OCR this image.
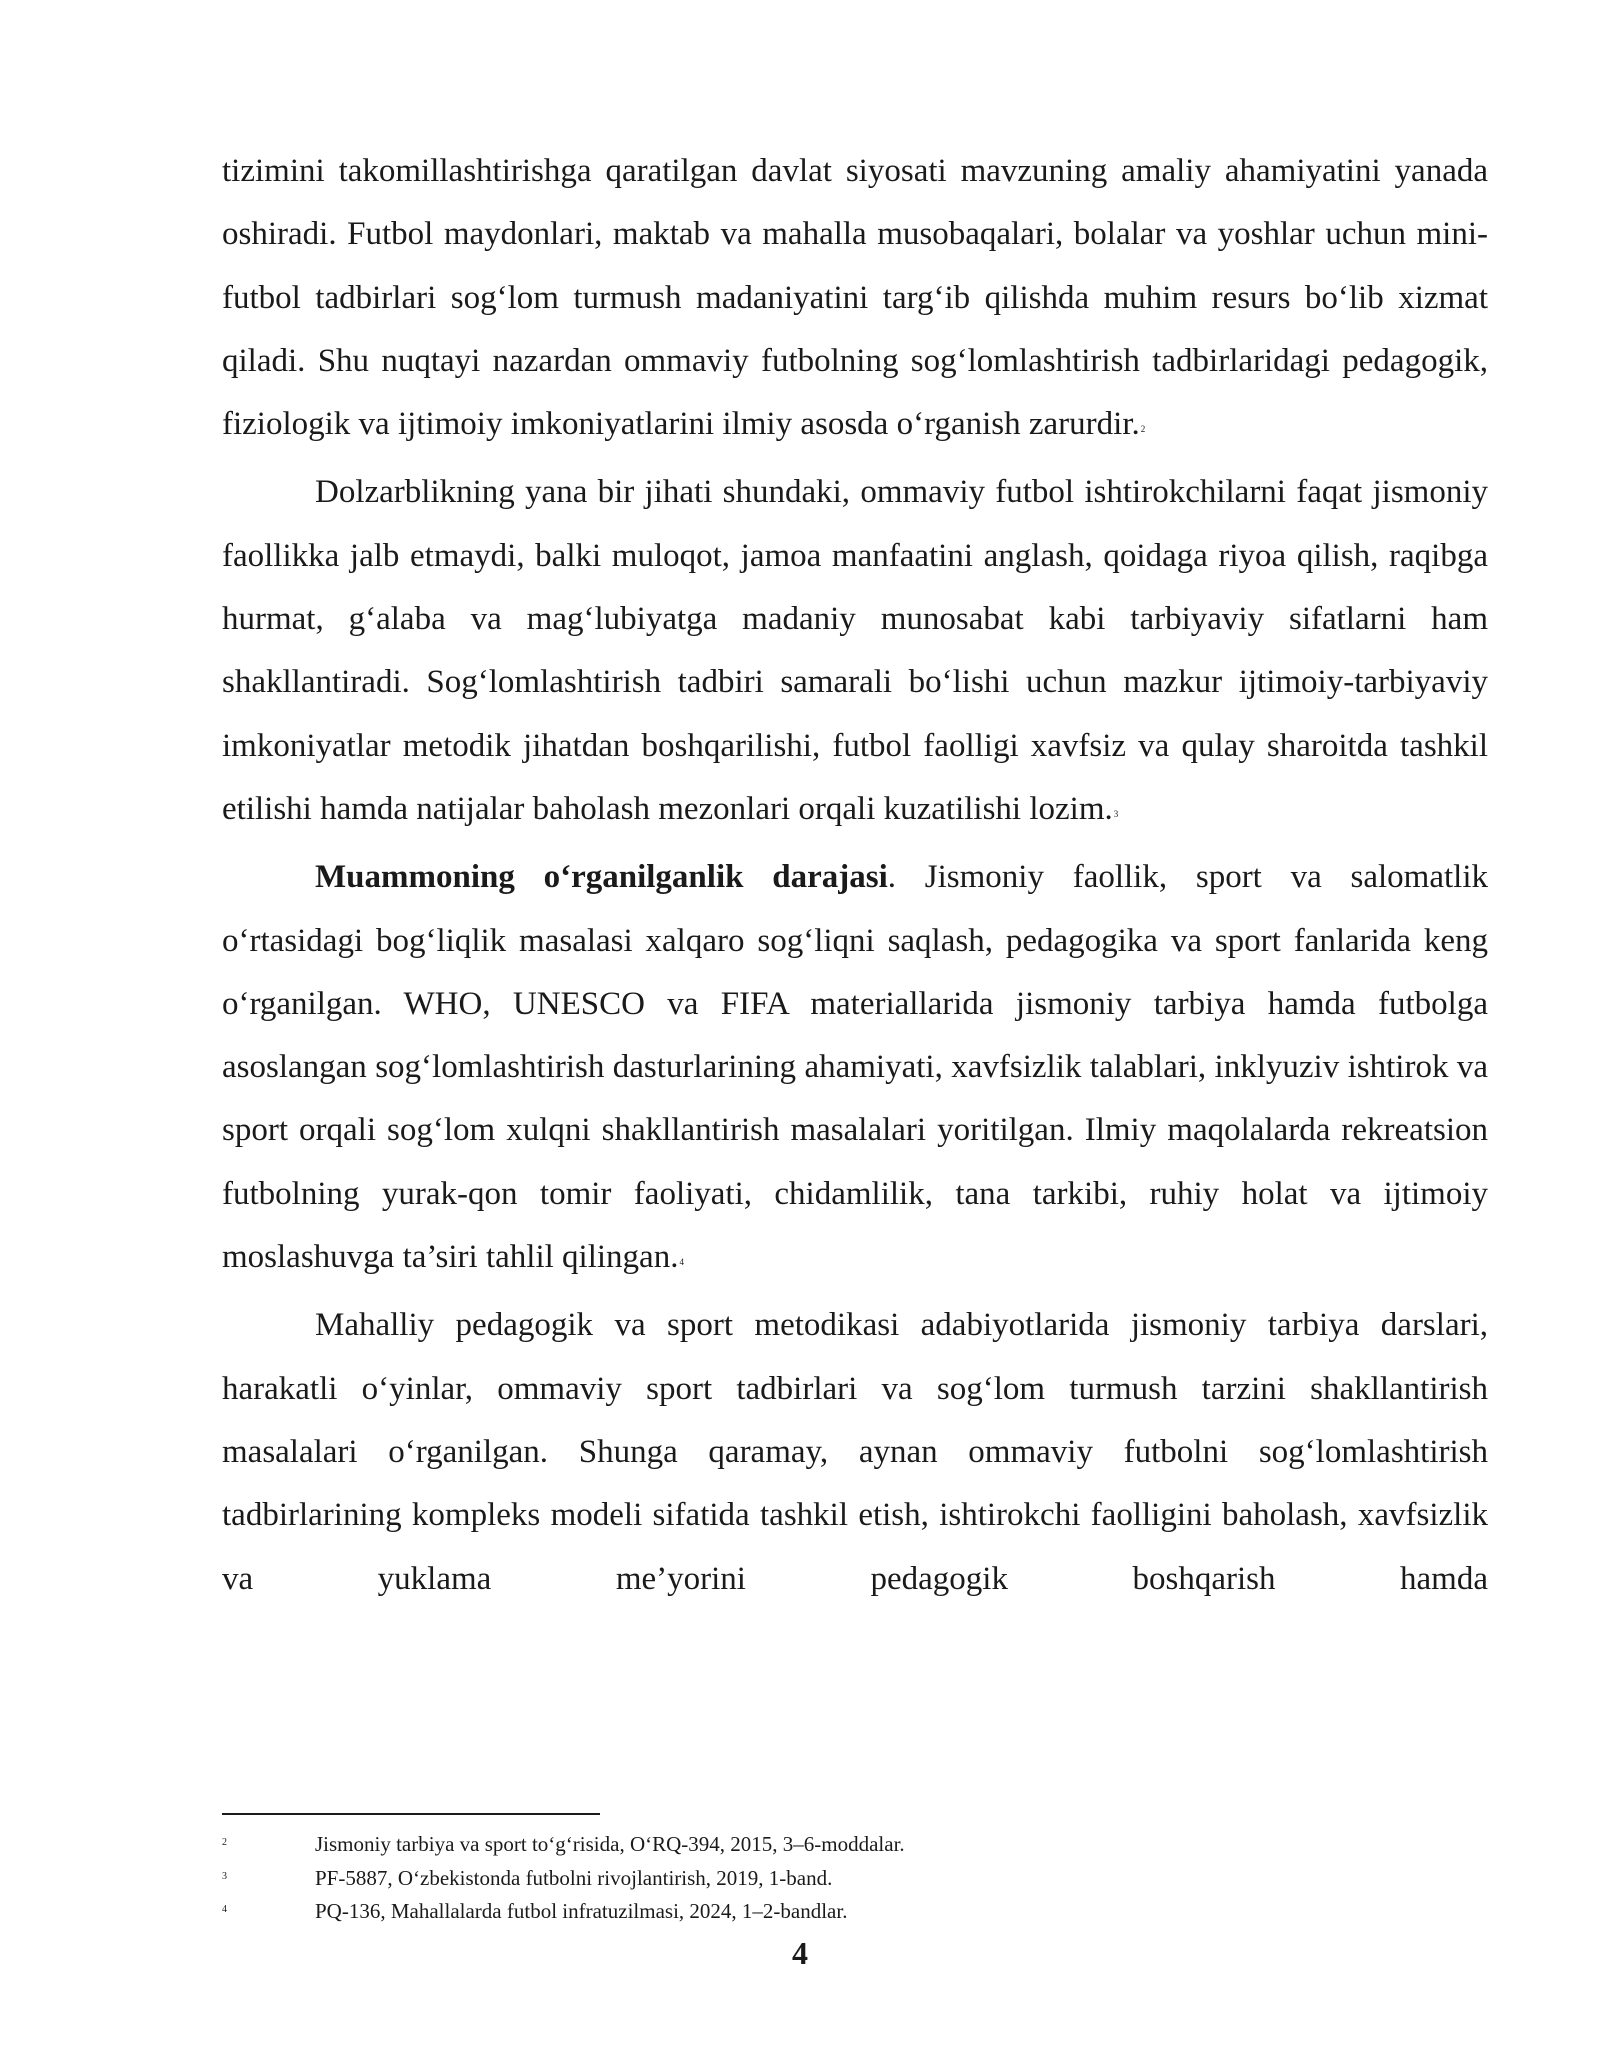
tizimini takomillashtirishga qaratilgan davlat siyosati mavzuning amaliy ahamiyatini yanada oshiradi. Futbol maydonlari, maktab va mahalla musobaqalari, bolalar va yoshlar uchun mini-futbol tadbirlari sog‘lom turmush madaniyatini targ‘ib qilishda muhim resurs bo‘lib xizmat qiladi. Shu nuqtayi nazardan ommaviy futbolning sog‘lomlashtirish tadbirlaridagi pedagogik, fiziologik va ijtimoiy imkoniyatlarini ilmiy asosda o‘rganish zarurdir.$^2$

Dolzarblikning yana bir jihati shundaki, ommaviy futbol ishtirokchilarni faqat jismoniy faollikka jalb etmaydi, balki muloqot, jamoa manfaatini anglash, qoidaga riyoa qilish, raqibga hurmat, g‘alaba va mag‘lubiyatga madaniy munosabat kabi tarbiyaviy sifatlarni ham shakllantiradi. Sog‘lomlashtirish tadbiri samarali bo‘lishi uchun mazkur ijtimoiy-tarbiyaviy imkoniyatlar metodik jihatdan boshqarilishi, futbol faolligi xavfsiz va qulay sharoitda tashkil etilishi hamda natijalar baholash mezonlari orqali kuzatilishi lozim.$^3$

Muammoning o‘rganilganlik darajasi. Jismoniy faollik, sport va salomatlik o‘rtasidagi bog‘liqlik masalasi xalqaro sog‘liqni saqlash, pedagogika va sport fanlarida keng o‘rganilgan. WHO, UNESCO va FIFA materiallarida jismoniy tarbiya hamda futbolga asoslangan sog‘lomlashtirish dasturlarining ahamiyati, xavfsizlik talablari, inklyuziv ishtirok va sport orqali sog‘lom xulqni shakllantirish masalalari yoritilgan. Ilmiy maqolalarda rekreatsion futbolning yurak-qon tomir faoliyati, chidamlilik, tana tarkibi, ruhiy holat va ijtimoiy moslashuvga ta’siri tahlil qilingan.$^4$

Mahalliy pedagogik va sport metodikasi adabiyotlarida jismoniy tarbiya darslari, harakatli o‘yinlar, ommaviy sport tadbirlari va sog‘lom turmush tarzini shakllantirish masalalari o‘rganilgan. Shunga qaramay, aynan ommaviy futbolni sog‘lomlashtirish tadbirlarining kompleks modeli sifatida tashkil etish, ishtirokchi faolligini baholash, xavfsizlik va yuklama me’yorini pedagogik boshqarish hamda

2	Jismoniy tarbiya va sport to‘g‘risida, O‘RQ-394, 2015, 3–6-moddalar.
3	PF-5887, O‘zbekistonda futbolni rivojlantirish, 2019, 1-band.
4	PQ-136, Mahallalarda futbol infratuzilmasi, 2024, 1–2-bandlar.
4
